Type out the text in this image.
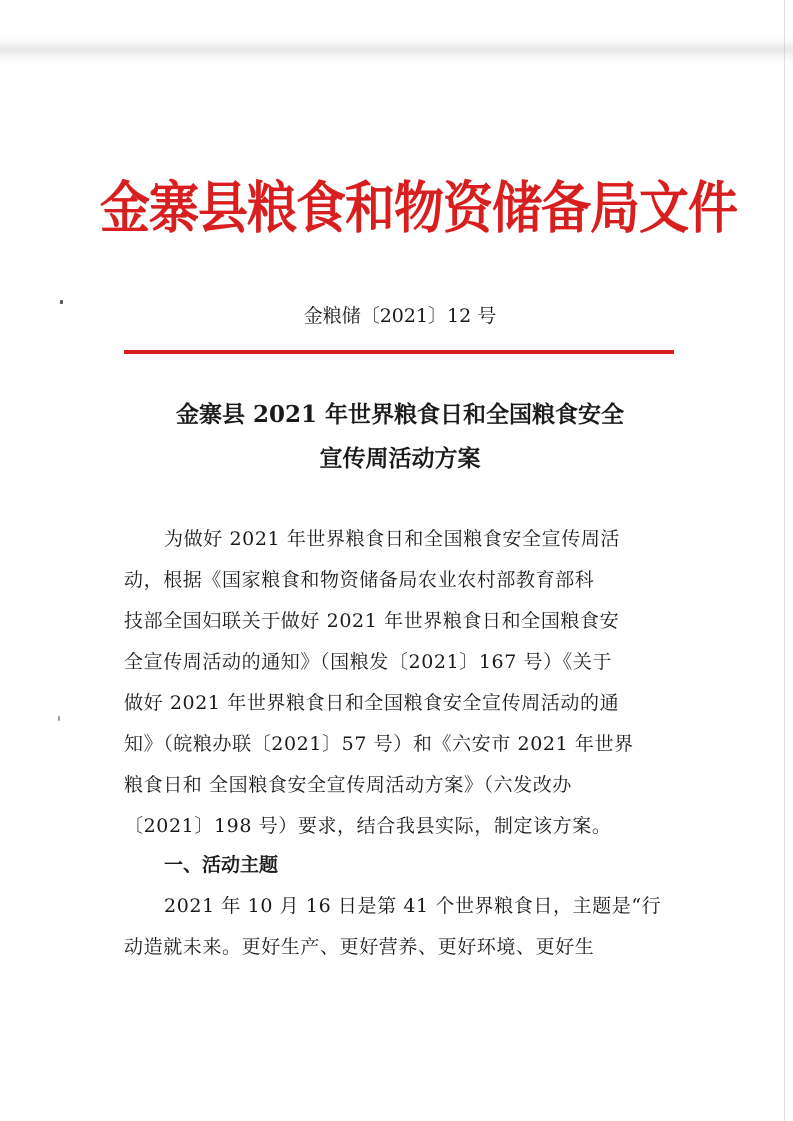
金寨县粮食和物资储备局文件
金粮储〔2021〕12 号
金寨县 2021 年世界粮食日和全国粮食安全
宣传周活动方案
为做好 2021 年世界粮食日和全国粮食安全宣传周活
动，根据《国家粮食和物资储备局农业农村部教育部科
技部全国妇联关于做好 2021 年世界粮食日和全国粮食安
全宣传周活动的通知》（国粮发〔2021〕167 号）《关于
做好 2021 年世界粮食日和全国粮食安全宣传周活动的通
知》（皖粮办联〔2021〕57 号）和《六安市 2021 年世界
粮食日和 全国粮食安全宣传周活动方案》（六发改办
〔2021〕198 号）要求，结合我县实际，制定该方案。
一、活动主题
2021 年 10 月 16 日是第 41 个世界粮食日，主题是“行
动造就未来。更好生产、更好营养、更好环境、更好生
